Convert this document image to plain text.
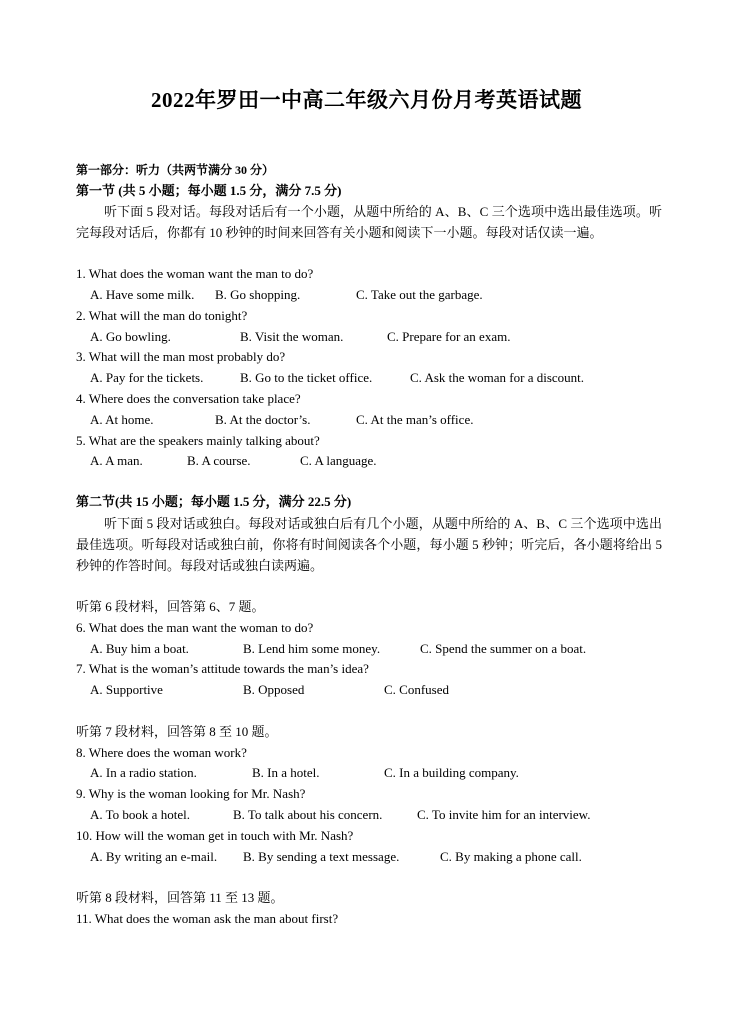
2022年罗田一中高二年级六月份月考英语试题
第一部分：听力（共两节满分 30 分）
第一节 (共 5 小题；每小题 1.5 分，满分 7.5 分)
听下面 5 段对话。每段对话后有一个小题，从题中所给的 A、B、C 三个选项中选出最佳选项。听完每段对话后，你都有 10 秒钟的时间来回答有关小题和阅读下一小题。每段对话仅读一遍。
1. What does the woman want the man to do?
A. Have some milk. B. Go shopping.	C. Take out the garbage.
2. What will the man do tonight?
A. Go bowling.	B. Visit the woman.	C. Prepare for an exam.
3. What will the man most probably do?
A. Pay for the tickets.	B. Go to the ticket office.	C. Ask the woman for a discount.
4. Where does the conversation take place?
A. At home.	B. At the doctor’s.	C. At the man’s office.
5. What are the speakers mainly talking about?
A. A man.	B. A course.	C. A language.
第二节(共 15 小题；每小题 1.5 分，满分 22.5 分)
听下面 5 段对话或独白。每段对话或独白后有几个小题，从题中所给的 A、B、C 三个选项中选出最佳选项。听每段对话或独白前，你将有时间阅读各个小题，每小题 5 秒钟；听完后，各小题将给出 5 秒钟的作答时间。每段对话或独白读两遍。
听第 6 段材料，回答第 6、7 题。
6. What does the man want the woman to do?
A. Buy him a boat.	B. Lend him some money.	C. Spend the summer on a boat.
7. What is the woman’s attitude towards the man’s idea?
A. Supportive	B. Opposed	C. Confused
听第 7 段材料，回答第 8 至 10 题。
8. Where does the woman work?
A. In a radio station.	B. In a hotel.	C. In a building company.
9. Why is the woman looking for Mr. Nash?
A. To book a hotel.	B. To talk about his concern.	C. To invite him for an interview.
10. How will the woman get in touch with Mr. Nash?
A. By writing an e-mail. B. By sending a text message.	C. By making a phone call.
听第 8 段材料，回答第 11 至 13 题。
11. What does the woman ask the man about first?
